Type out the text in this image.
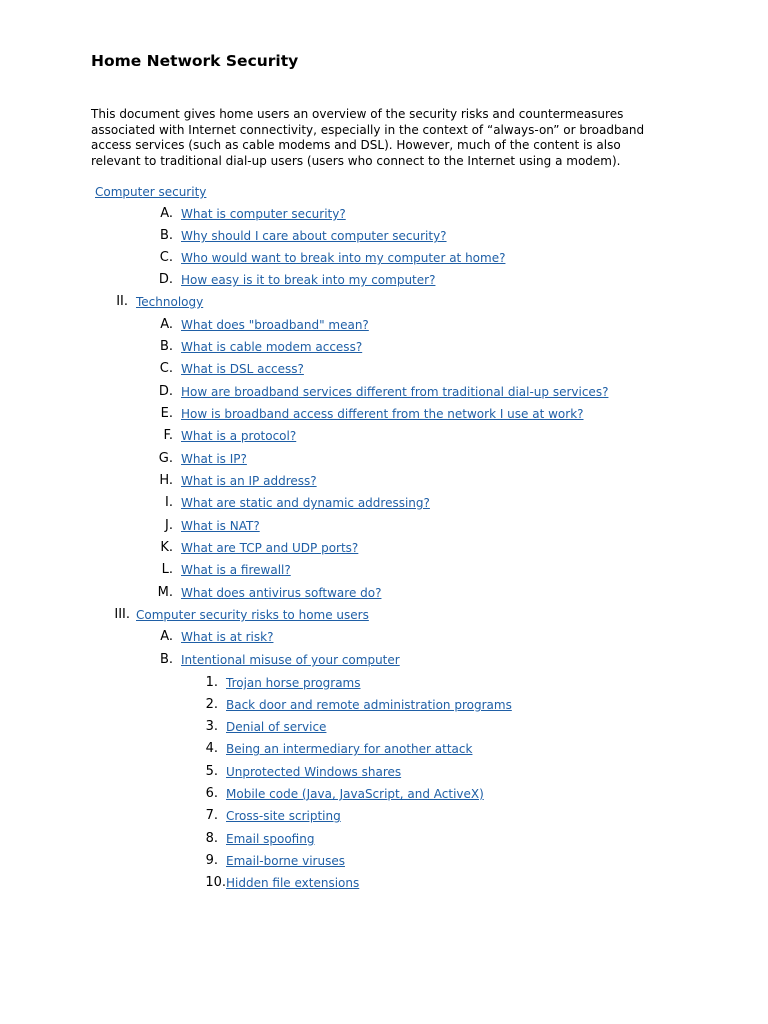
Home Network Security

This document gives home users an overview of the security risks and countermeasures
associated with Internet connectivity, especially in the context of “always-on” or broadband
access services (such as cable modems and DSL). However, much of the content is also
relevant to traditional dial-up users (users who connect to the Internet using a modem).

Computer security
A. What is computer security?
B. Why should I care about computer security?
C. Who would want to break into my computer at home?
D. How easy is it to break into my computer?
II. Technology
A. What does "broadband" mean?
B. What is cable modem access?
C. What is DSL access?
D. How are broadband services different from traditional dial-up services?
E. How is broadband access different from the network I use at work?
F. What is a protocol?
G. What is IP?
H. What is an IP address?
I. What are static and dynamic addressing?
J. What is NAT?
K. What are TCP and UDP ports?
L. What is a firewall?
M. What does antivirus software do?
III. Computer security risks to home users
A. What is at risk?
B. Intentional misuse of your computer
1. Trojan horse programs
2. Back door and remote administration programs
3. Denial of service
4. Being an intermediary for another attack
5. Unprotected Windows shares
6. Mobile code (Java, JavaScript, and ActiveX)
7. Cross-site scripting
8. Email spoofing
9. Email-borne viruses
10. Hidden file extensions
